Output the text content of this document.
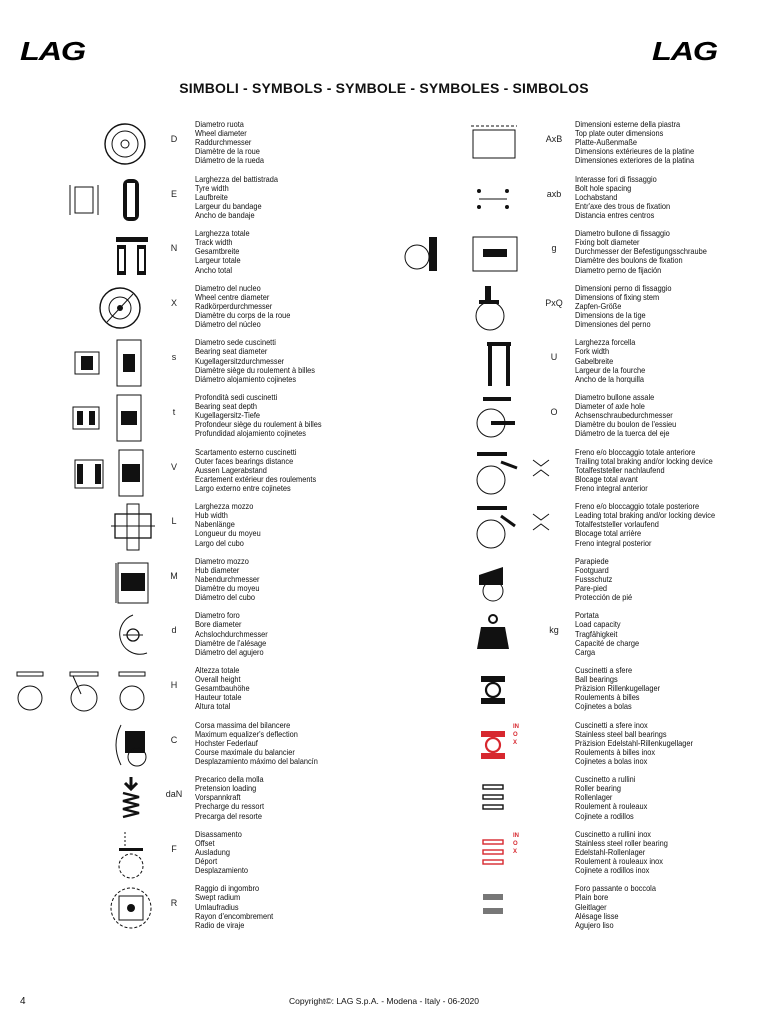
LAG	LAG
SIMBOLI - SYMBOLS - SYMBOLE - SYMBOLES - SIMBOLOS
D
Diametro ruota
Wheel diameter
Raddurchmesser
Diamètre de la roue
Diámetro de la rueda
E
Larghezza del battistrada
Tyre width
Laufbreite
Largeur du bandage
Ancho de bandaje
N
Larghezza totale
Track width
Gesamtbreite
Largeur totale
Ancho total
X
Diametro del nucleo
Wheel centre diameter
Radkörperdurchmesser
Diamètre du corps de la roue
Diámetro del núcleo
s
Diametro sede cuscinetti
Bearing seat diameter
Kugellagersitzdurchmesser
Diamètre siège du roulement à billes
Diámetro alojamiento cojinetes
t
Profondità sedi cuscinetti
Bearing seat depth
Kugellagersitz-Tiefe
Profondeur siège du roulement à billes
Profundidad alojamiento cojinetes
V
Scartamento esterno cuscinetti
Outer faces bearings distance
Aussen Lagerabstand
Ecartement extérieur des roulements
Largo externo entre cojinetes
L
Larghezza mozzo
Hub width
Nabenlänge
Longueur du moyeu
Largo del cubo
M
Diametro mozzo
Hub diameter
Nabendurchmesser
Diamètre du moyeu
Diámetro del cubo
d
Diametro foro
Bore diameter
Achslochdurchmesser
Diamètre de l'alésage
Diámetro del agujero
H
Altezza totale
Overall height
Gesamtbauhöhe
Hauteur totale
Altura total
C
Corsa massima del bilancere
Maximum equalizer's deflection
Hochster Federlauf
Course maximale du balancier
Desplazamiento máximo del balancín
daN
Precarico della molla
Pretension loading
Vorspannkraft
Precharge du ressort
Precarga del resorte
F
Disassamento
Offset
Ausladung
Déport
Desplazamiento
R
Raggio di ingombro
Swept radium
Umlaufradius
Rayon d'encombrement
Radio de viraje
AxB
Dimensioni esterne della piastra
Top plate outer dimensions
Platte-Außenmaße
Dimensions extérieures de la platine
Dimensiones exteriores de la platina
axb
Interasse fori di fissaggio
Bolt hole spacing
Lochabstand
Entr'axe des trous de fixation
Distancia entres centros
g
Diametro bullone di fissaggio
Fixing bolt diameter
Durchmesser der Befestigungsschraube
Diamètre des boulons de fixation
Diametro perno de fijación
PxQ
Dimensioni perno di fissaggio
Dimensions of fixing stem
Zapfen-Größe
Dimensions de la tige
Dimensiones del perno
U
Larghezza forcella
Fork width
Gabelbreite
Largeur de la fourche
Ancho de la horquilla
O
Diametro bullone assale
Diameter of axle hole
Achsenschraubedurchmesser
Diamètre du boulon de l'essieu
Diámetro de la tuerca del eje
Freno e/o bloccaggio totale anteriore
Trailing total braking and/or locking device
Totalfeststeller nachlaufend
Blocage total avant
Freno integral anterior
Freno e/o bloccaggio totale posteriore
Leading total braking and/or locking device
Totalfeststeller vorlaufend
Blocage total arrière
Freno integral posterior
Parapiede
Footguard
Fussschutz
Pare-pied
Protección de pié
kg
Portata
Load capacity
Tragfähigkeit
Capacité de charge
Carga
Cuscinetti a sfere
Ball bearings
Präzision Rillenkugellager
Roulements à billes
Cojinetes a bolas
INOX
Cuscinetti a sfere inox
Stainless steel ball bearings
Präzision Edelstahl-Rillenkugellager
Roulements à billes inox
Cojinetes a bolas inox
Cuscinetto a rullini
Roller bearing
Rollenlager
Roulement à rouleaux
Cojinete a rodillos
INOX
Cuscinetto a rullini inox
Stainless steel roller bearing
Edelstahl-Rollenlager
Roulement à rouleaux inox
Cojinete a rodillos inox
Foro passante o boccola
Plain bore
Gleitlager
Alésage lisse
Agujero liso
4	Copyright©: LAG S.p.A. - Modena - Italy - 06-2020
